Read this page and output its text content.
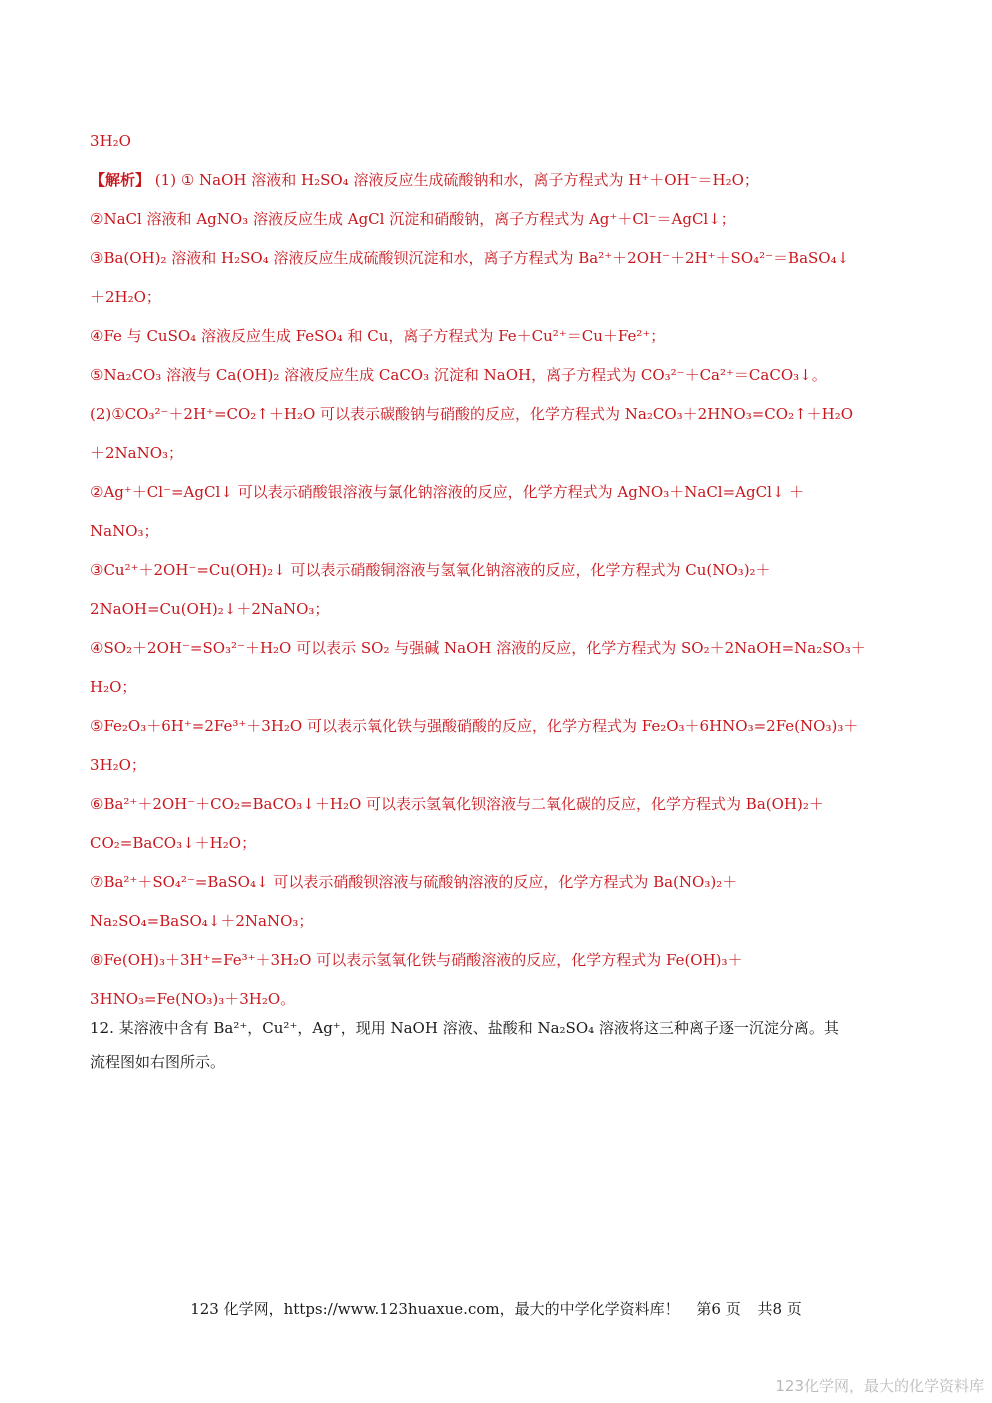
3H₂O
【解析】 (1) ① NaOH 溶液和 H₂SO₄ 溶液反应生成硫酸钠和水，离子方程式为 H⁺＋OH⁻＝H₂O；
②NaCl 溶液和 AgNO₃ 溶液反应生成 AgCl 沉淀和硝酸钠，离子方程式为 Ag⁺＋Cl⁻＝AgCl↓；
③Ba(OH)₂ 溶液和 H₂SO₄ 溶液反应生成硫酸钡沉淀和水，离子方程式为 Ba²⁺＋2OH⁻＋2H⁺＋SO₄²⁻＝BaSO₄↓
＋2H₂O；
④Fe 与 CuSO₄ 溶液反应生成 FeSO₄ 和 Cu，离子方程式为 Fe＋Cu²⁺＝Cu＋Fe²⁺；
⑤Na₂CO₃ 溶液与 Ca(OH)₂ 溶液反应生成 CaCO₃ 沉淀和 NaOH，离子方程式为 CO₃²⁻＋Ca²⁺＝CaCO₃↓。
(2)①CO₃²⁻＋2H⁺=CO₂↑＋H₂O 可以表示碳酸钠与硝酸的反应，化学方程式为 Na₂CO₃＋2HNO₃=CO₂↑＋H₂O
＋2NaNO₃；
②Ag⁺＋Cl⁻=AgCl↓ 可以表示硝酸银溶液与氯化钠溶液的反应，化学方程式为 AgNO₃＋NaCl=AgCl↓ ＋
NaNO₃；
③Cu²⁺＋2OH⁻=Cu(OH)₂↓ 可以表示硝酸铜溶液与氢氧化钠溶液的反应，化学方程式为 Cu(NO₃)₂＋
2NaOH=Cu(OH)₂↓＋2NaNO₃；
④SO₂＋2OH⁻=SO₃²⁻＋H₂O 可以表示 SO₂ 与强碱 NaOH 溶液的反应，化学方程式为 SO₂＋2NaOH=Na₂SO₃＋
H₂O；
⑤Fe₂O₃＋6H⁺=2Fe³⁺＋3H₂O 可以表示氧化铁与强酸硝酸的反应，化学方程式为 Fe₂O₃＋6HNO₃=2Fe(NO₃)₃＋
3H₂O；
⑥Ba²⁺＋2OH⁻＋CO₂=BaCO₃↓＋H₂O 可以表示氢氧化钡溶液与二氧化碳的反应，化学方程式为 Ba(OH)₂＋
CO₂=BaCO₃↓＋H₂O；
⑦Ba²⁺＋SO₄²⁻=BaSO₄↓ 可以表示硝酸钡溶液与硫酸钠溶液的反应，化学方程式为 Ba(NO₃)₂＋
Na₂SO₄=BaSO₄↓＋2NaNO₃；
⑧Fe(OH)₃＋3H⁺=Fe³⁺＋3H₂O 可以表示氢氧化铁与硝酸溶液的反应，化学方程式为 Fe(OH)₃＋
3HNO₃=Fe(NO₃)₃＋3H₂O。
12. 某溶液中含有 Ba²⁺，Cu²⁺，Ag⁺，现用 NaOH 溶液、盐酸和 Na₂SO₄ 溶液将这三种离子逐一沉淀分离。其
流程图如右图所示。
123 化学网，https://www.123huaxue.com，最大的中学化学资料库！ 第6 页 共8 页
123化学网，最大的化学资料库
